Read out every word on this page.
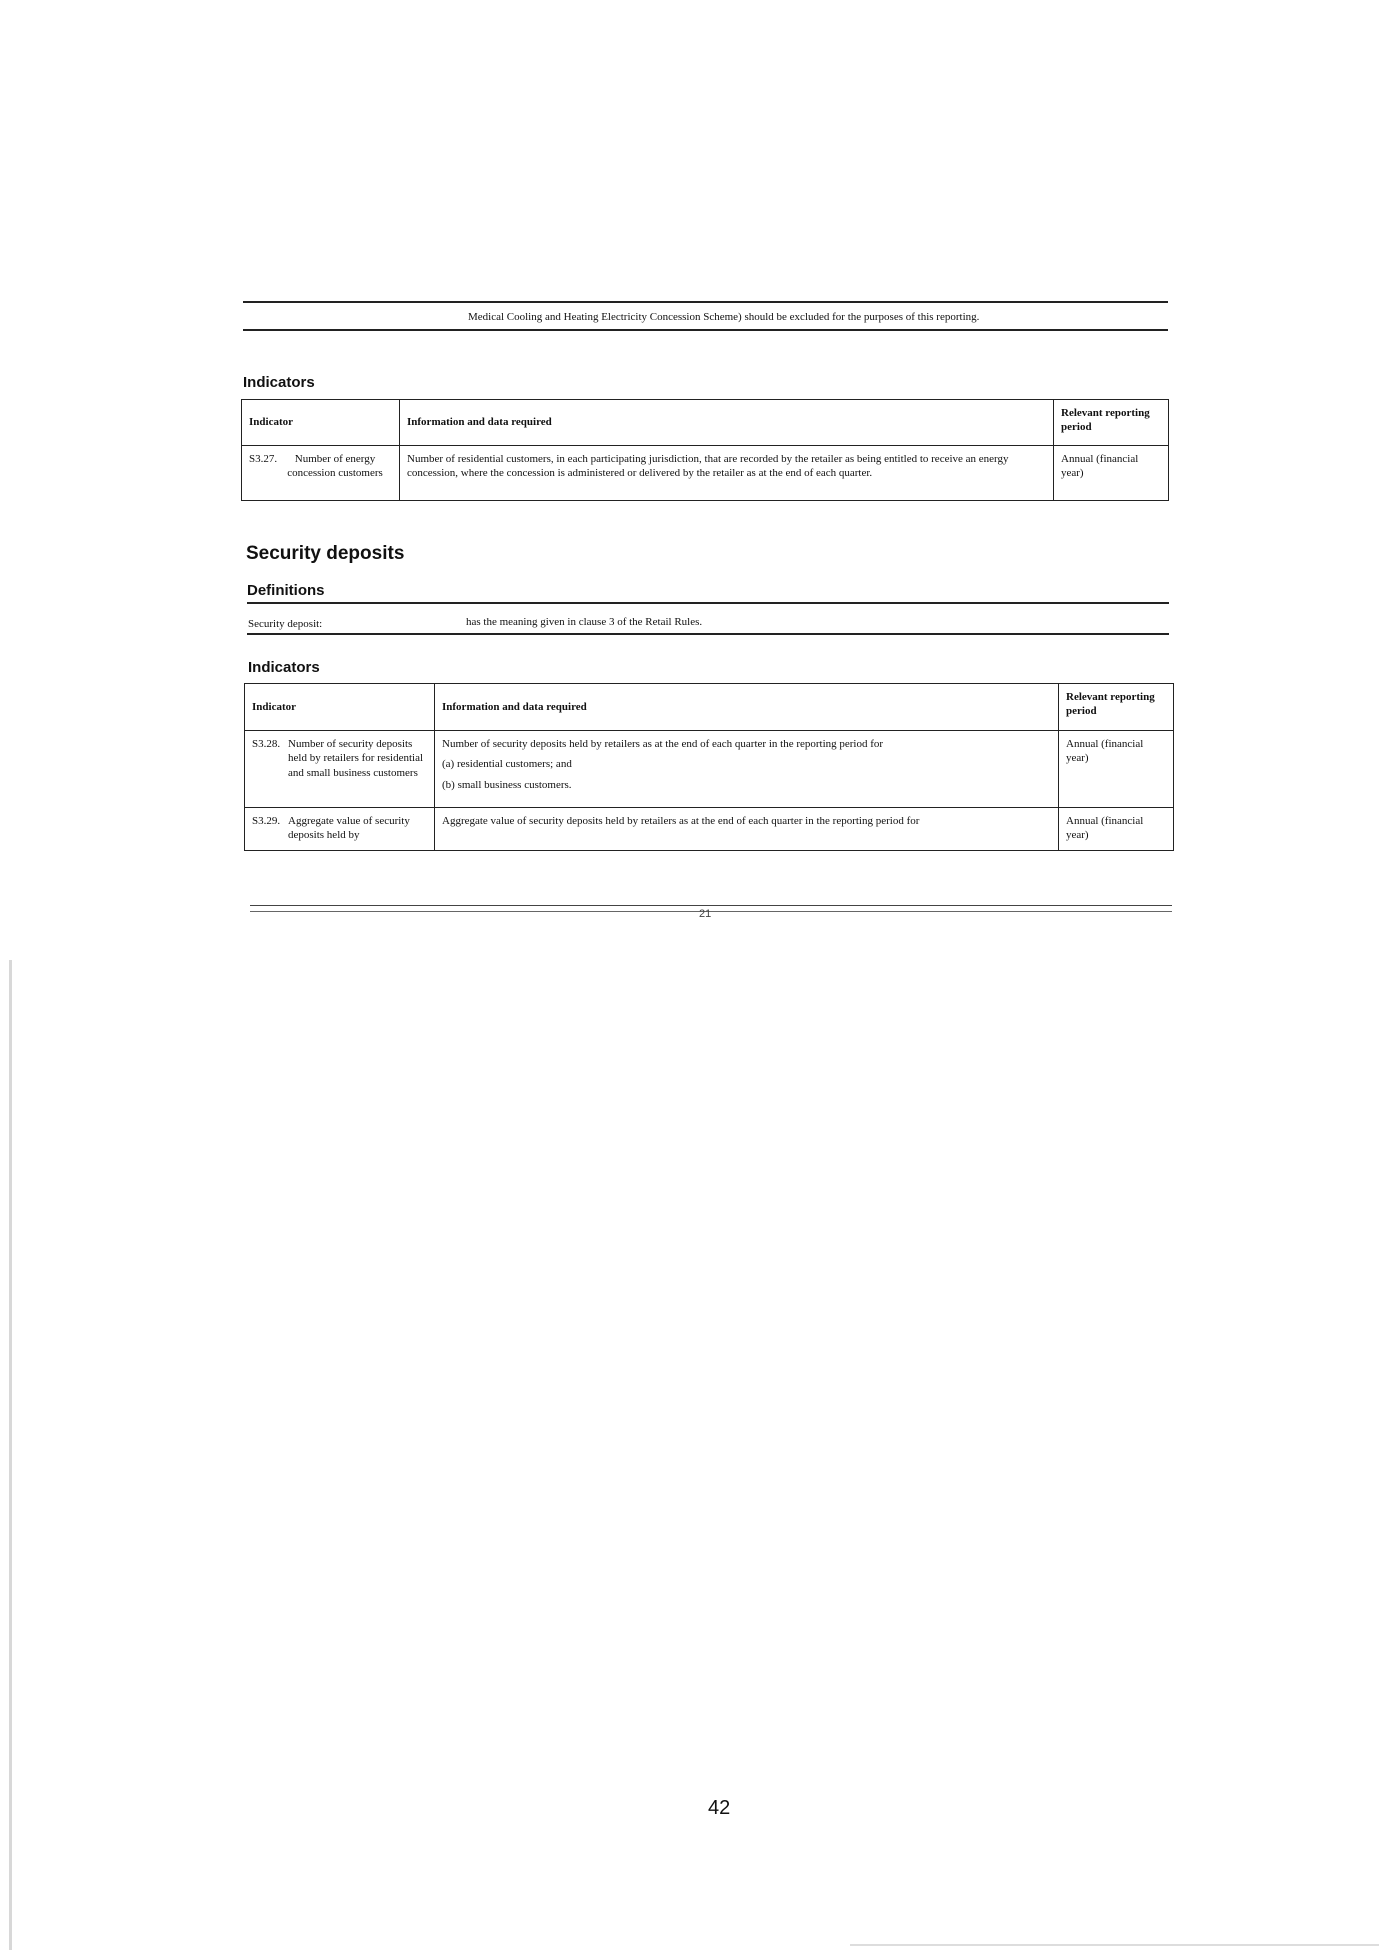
Medical Cooling and Heating Electricity Concession Scheme) should be excluded for the purposes of this reporting.
Indicators
Indicator	Information and data required	Relevant reporting period
S3.27. Number of energy concession customers	Number of residential customers, in each participating jurisdiction, that are recorded by the retailer as being entitled to receive an energy concession, where the concession is administered or delivered by the retailer as at the end of each quarter.	Annual (financial year)
Security deposits
Definitions
Security deposit:	has the meaning given in clause 3 of the Retail Rules.
Indicators
Indicator	Information and data required	Relevant reporting period
S3.28. Number of security deposits held by retailers for residential and small business customers	Number of security deposits held by retailers as at the end of each quarter in the reporting period for
(a) residential customers; and
(b) small business customers.	Annual (financial year)
S3.29. Aggregate value of security deposits held by	Aggregate value of security deposits held by retailers as at the end of each quarter in the reporting period for	Annual (financial year)
21
42
